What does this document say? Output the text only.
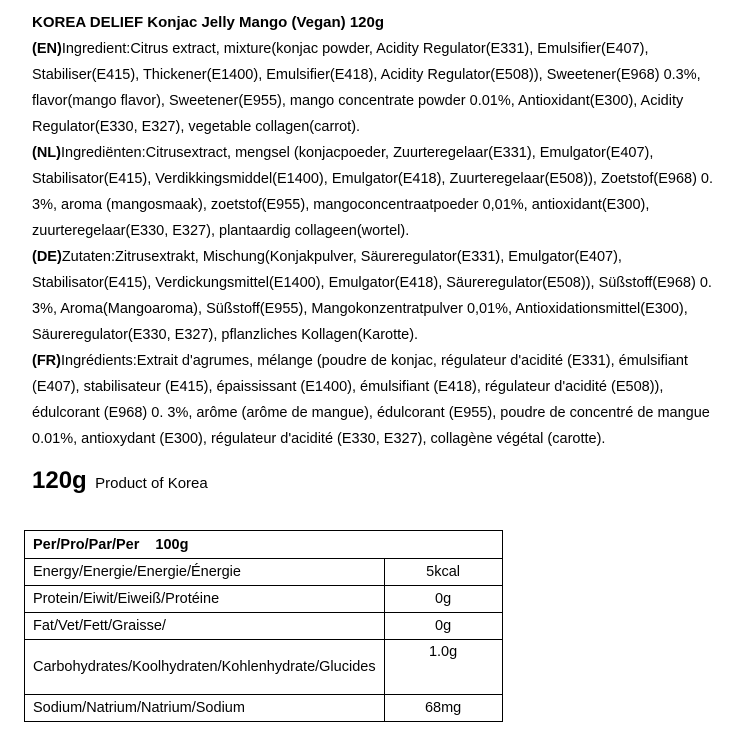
KOREA DELIEF Konjac Jelly Mango (Vegan) 120g

(EN)Ingredient:Citrus extract, mixture(konjac powder, Acidity Regulator(E331), Emulsifier(E407), Stabiliser(E415), Thickener(E1400), Emulsifier(E418), Acidity Regulator(E508)), Sweetener(E968) 0.3%, flavor(mango flavor), Sweetener(E955), mango concentrate powder 0.01%, Antioxidant(E300), Acidity Regulator(E330, E327), vegetable collagen(carrot).

(NL)Ingrediënten:Citrusextract, mengsel (konjacpoeder, Zuurteregelaar(E331), Emulgator(E407), Stabilisator(E415), Verdikkingsmiddel(E1400), Emulgator(E418), Zuurteregelaar(E508)), Zoetstof(E968) 0. 3%, aroma (mangosmaak), zoetstof(E955), mangoconcentraatpoeder 0,01%, antioxidant(E300), zuurteregelaar(E330, E327), plantaardig collageen(wortel).

(DE)Zutaten:Zitrusextrakt, Mischung(Konjakpulver, Säureregulator(E331), Emulgator(E407), Stabilisator(E415), Verdickungsmittel(E1400), Emulgator(E418), Säureregulator(E508)), Süßstoff(E968) 0. 3%, Aroma(Mangoaroma), Süßstoff(E955), Mangokonzentratpulver 0,01%, Antioxidationsmittel(E300), Säureregulator(E330, E327), pflanzliches Kollagen(Karotte).

(FR)Ingrédients:Extrait d'agrumes, mélange (poudre de konjac, régulateur d'acidité (E331), émulsifiant (E407), stabilisateur (E415), épaississant (E1400), émulsifiant (E418), régulateur d'acidité (E508)), édulcorant (E968) 0. 3%, arôme (arôme de mangue), édulcorant (E955), poudre de concentré de mangue 0.01%, antioxydant (E300), régulateur d'acidité (E330, E327), collagène végétal (carotte).

120g Product of Korea
Per/Pro/Par/Per 100g	
Energy/Energie/Energie/Énergie	5kcal
Protein/Eiwit/Eiweiß/Protéine	0g
Fat/Vet/Fett/Graisse/	0g
Carbohydrates/Koolhydraten/Kohlenhydrate/Glucides	1.0g
Sodium/Natrium/Natrium/Sodium	68mg
